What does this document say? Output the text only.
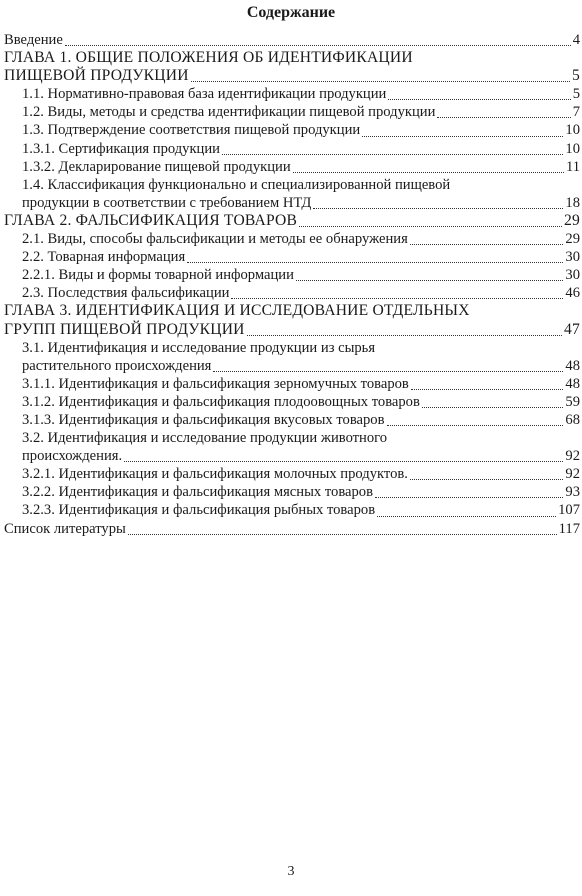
Содержание
Введение	4
ГЛАВА 1. ОБЩИЕ ПОЛОЖЕНИЯ ОБ ИДЕНТИФИКАЦИИ
ПИЩЕВОЙ ПРОДУКЦИИ	5
1.1. Нормативно-правовая база идентификации продукции	5
1.2. Виды, методы и средства идентификации пищевой продукции	7
1.3. Подтверждение соответствия пищевой продукции	10
1.3.1. Сертификация продукции	10
1.3.2. Декларирование пищевой продукции	11
1.4. Классификация функционально и специализированной пищевой
продукции в соответствии с требованием НТД	18
ГЛАВА 2. ФАЛЬСИФИКАЦИЯ ТОВАРОВ	29
2.1. Виды, способы фальсификации и методы ее обнаружения	29
2.2. Товарная информация	30
2.2.1. Виды и формы товарной информации	30
2.3. Последствия фальсификации	46
ГЛАВА 3. ИДЕНТИФИКАЦИЯ И ИССЛЕДОВАНИЕ ОТДЕЛЬНЫХ
ГРУПП ПИЩЕВОЙ ПРОДУКЦИИ	47
3.1. Идентификация и исследование продукции из сырья
растительного происхождения	48
3.1.1. Идентификация и фальсификация зерномучных товаров	48
3.1.2. Идентификация и фальсификация плодоовощных товаров	59
3.1.3. Идентификация и фальсификация вкусовых товаров	68
3.2. Идентификация и исследование продукции животного
происхождения.	92
3.2.1. Идентификация и фальсификация молочных продуктов.	92
3.2.2. Идентификация и фальсификация мясных товаров	93
3.2.3. Идентификация и фальсификация рыбных товаров	107
Список литературы	117
3
